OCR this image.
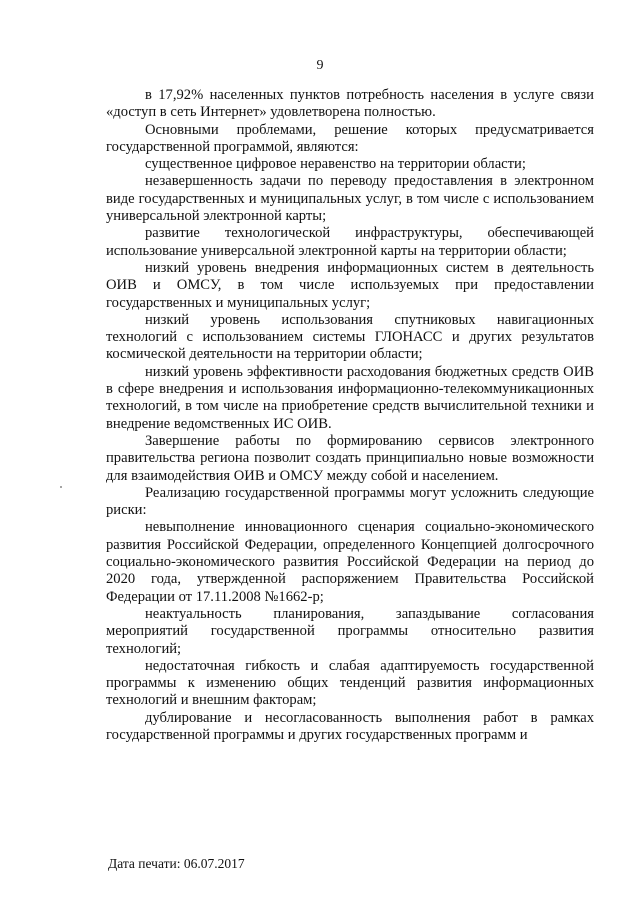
9

в 17,92% населенных пунктов потребность населения в услуге связи «доступ в сеть Интернет» удовлетворена полностью.

Основными проблемами, решение которых предусматривается государственной программой, являются:

существенное цифровое неравенство на территории области;

незавершенность задачи по переводу предоставления в электронном виде государственных и муниципальных услуг, в том числе с использованием универсальной электронной карты;

развитие технологической инфраструктуры, обеспечивающей использование универсальной электронной карты на территории области;

низкий уровень внедрения информационных систем в деятельность ОИВ и ОМСУ, в том числе используемых при предоставлении государственных и муниципальных услуг;

низкий уровень использования спутниковых навигационных технологий с использованием системы ГЛОНАСС и других результатов космической деятельности на территории области;

низкий уровень эффективности расходования бюджетных средств ОИВ в сфере внедрения и использования информационно-телекоммуникационных технологий, в том числе на приобретение средств вычислительной техники и внедрение ведомственных ИС ОИВ.

Завершение работы по формированию сервисов электронного правительства региона позволит создать принципиально новые возможности для взаимодействия ОИВ и ОМСУ между собой и населением.

Реализацию государственной программы могут усложнить следующие риски:

невыполнение инновационного сценария социально-экономического развития Российской Федерации, определенного Концепцией долгосрочного социально-экономического развития Российской Федерации на период до 2020 года, утвержденной распоряжением Правительства Российской Федерации от 17.11.2008 №1662-р;

неактуальность планирования, запаздывание согласования мероприятий государственной программы относительно развития технологий;

недостаточная гибкость и слабая адаптируемость государственной программы к изменению общих тенденций развития информационных технологий и внешним факторам;

дублирование и несогласованность выполнения работ в рамках государственной программы и других государственных программ и

Дата печати: 06.07.2017
